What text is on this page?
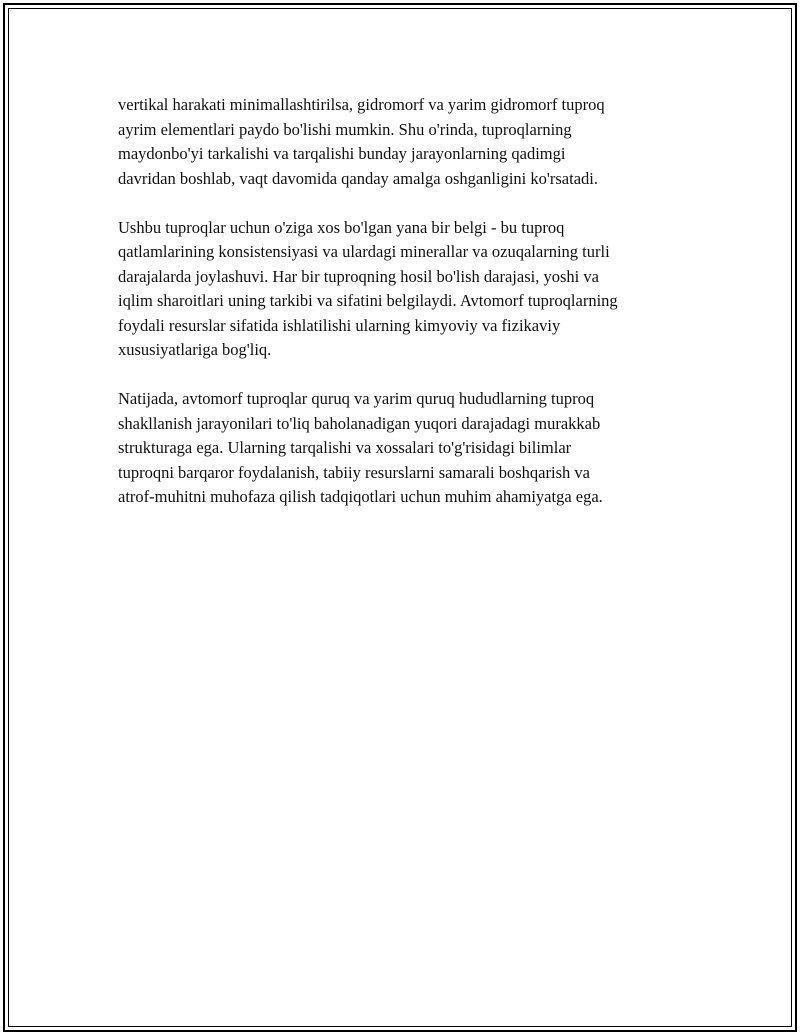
vertikal harakati minimallashtirilsa, gidromorf va yarim gidromorf tuproq
ayrim elementlari paydo bo'lishi mumkin. Shu o'rinda, tuproqlarning
maydonbo'yi tarkalishi va tarqalishi bunday jarayonlarning qadimgi
davridan boshlab, vaqt davomida qanday amalga oshganligini ko'rsatadi.

Ushbu tuproqlar uchun o'ziga xos bo'lgan yana bir belgi - bu tuproq
qatlamlarining konsistensiyasi va ulardagi minerallar va ozuqalarning turli
darajalarda joylashuvi. Har bir tuproqning hosil bo'lish darajasi, yoshi va
iqlim sharoitlari uning tarkibi va sifatini belgilaydi. Avtomorf tuproqlarning
foydali resurslar sifatida ishlatilishi ularning kimyoviy va fizikaviy
xususiyatlariga bog'liq.

Natijada, avtomorf tuproqlar quruq va yarim quruq hududlarning tuproq
shakllanish jarayonilari to'liq baholanadigan yuqori darajadagi murakkab
strukturaga ega. Ularning tarqalishi va xossalari to'g'risidagi bilimlar
tuproqni barqaror foydalanish, tabiiy resurslarni samarali boshqarish va
atrof-muhitni muhofaza qilish tadqiqotlari uchun muhim ahamiyatga ega.
